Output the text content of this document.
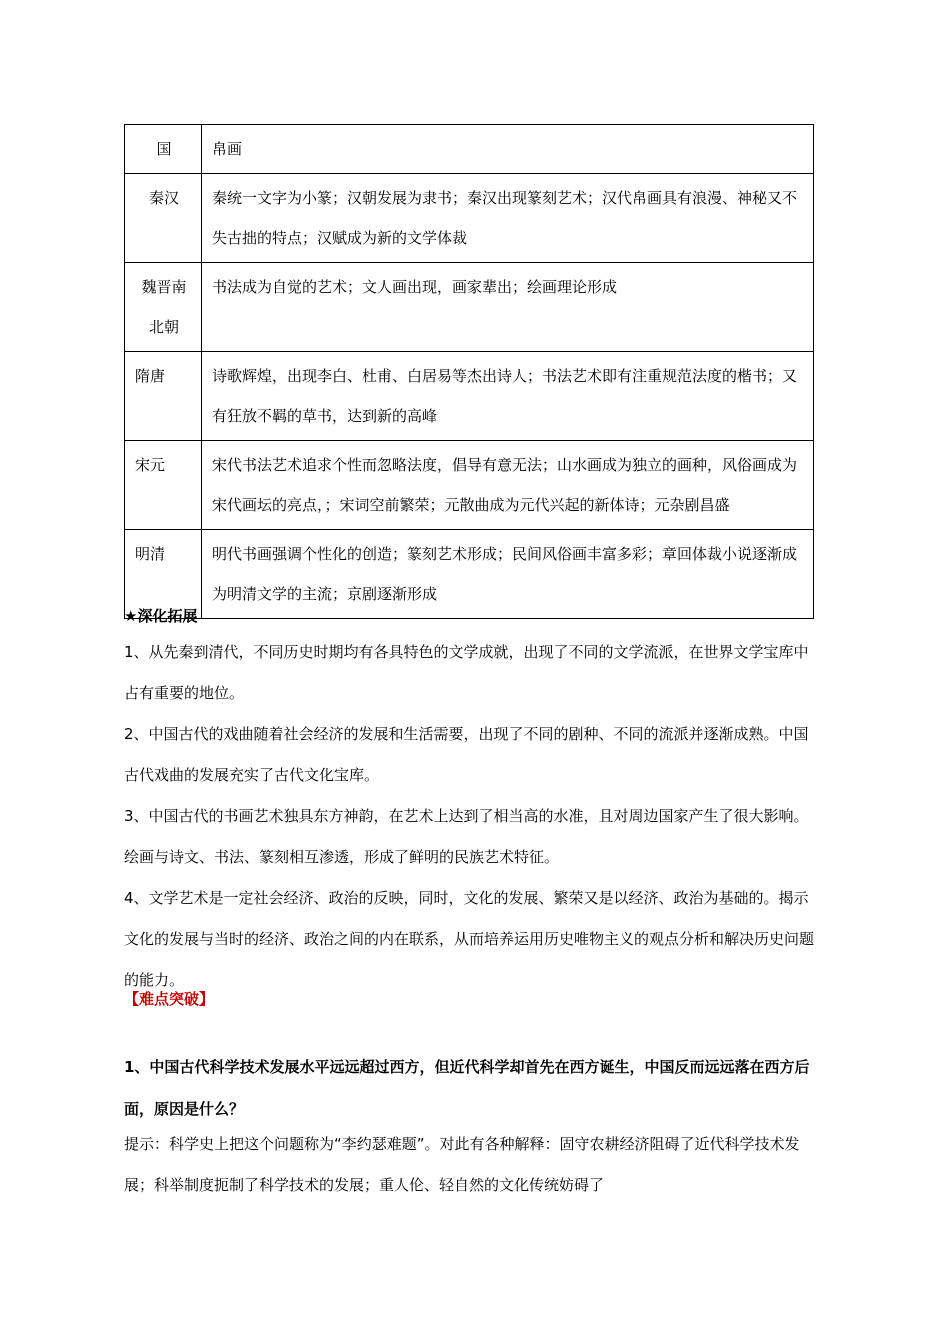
国	帛画
秦汉	秦统一文字为小篆；汉朝发展为隶书；秦汉出现篆刻艺术；汉代帛画具有浪漫、神秘又不失古拙的特点；汉赋成为新的文学体裁
魏晋南北朝	书法成为自觉的艺术；文人画出现，画家辈出；绘画理论形成
隋唐	诗歌辉煌，出现李白、杜甫、白居易等杰出诗人；书法艺术即有注重规范法度的楷书；又有狂放不羁的草书，达到新的高峰
宋元	宋代书法艺术追求个性而忽略法度，倡导有意无法；山水画成为独立的画种，风俗画成为宋代画坛的亮点，；宋词空前繁荣；元散曲成为元代兴起的新体诗；元杂剧昌盛
明清	明代书画强调个性化的创造；篆刻艺术形成；民间风俗画丰富多彩；章回体裁小说逐渐成为明清文学的主流；京剧逐渐形成
★深化拓展

1、从先秦到清代，不同历史时期均有各具特色的文学成就，出现了不同的文学流派，在世界文学宝库中占有重要的地位。

2、中国古代的戏曲随着社会经济的发展和生活需要，出现了不同的剧种、不同的流派并逐渐成熟。中国古代戏曲的发展充实了古代文化宝库。

3、中国古代的书画艺术独具东方神韵，在艺术上达到了相当高的水准，且对周边国家产生了很大影响。绘画与诗文、书法、篆刻相互渗透，形成了鲜明的民族艺术特征。

4、文学艺术是一定社会经济、政治的反映，同时，文化的发展、繁荣又是以经济、政治为基础的。揭示文化的发展与当时的经济、政治之间的内在联系，从而培养运用历史唯物主义的观点分析和解决历史问题的能力。

【难点突破】
1、中国古代科学技术发展水平远远超过西方，但近代科学却首先在西方诞生，中国反而远远落在西方后面，原因是什么？
提示：科学史上把这个问题称为“李约瑟难题”。对此有各种解释：固守农耕经济阻碍了近代科学技术发展；科举制度扼制了科学技术的发展；重人伦、轻自然的文化传统妨碍了
